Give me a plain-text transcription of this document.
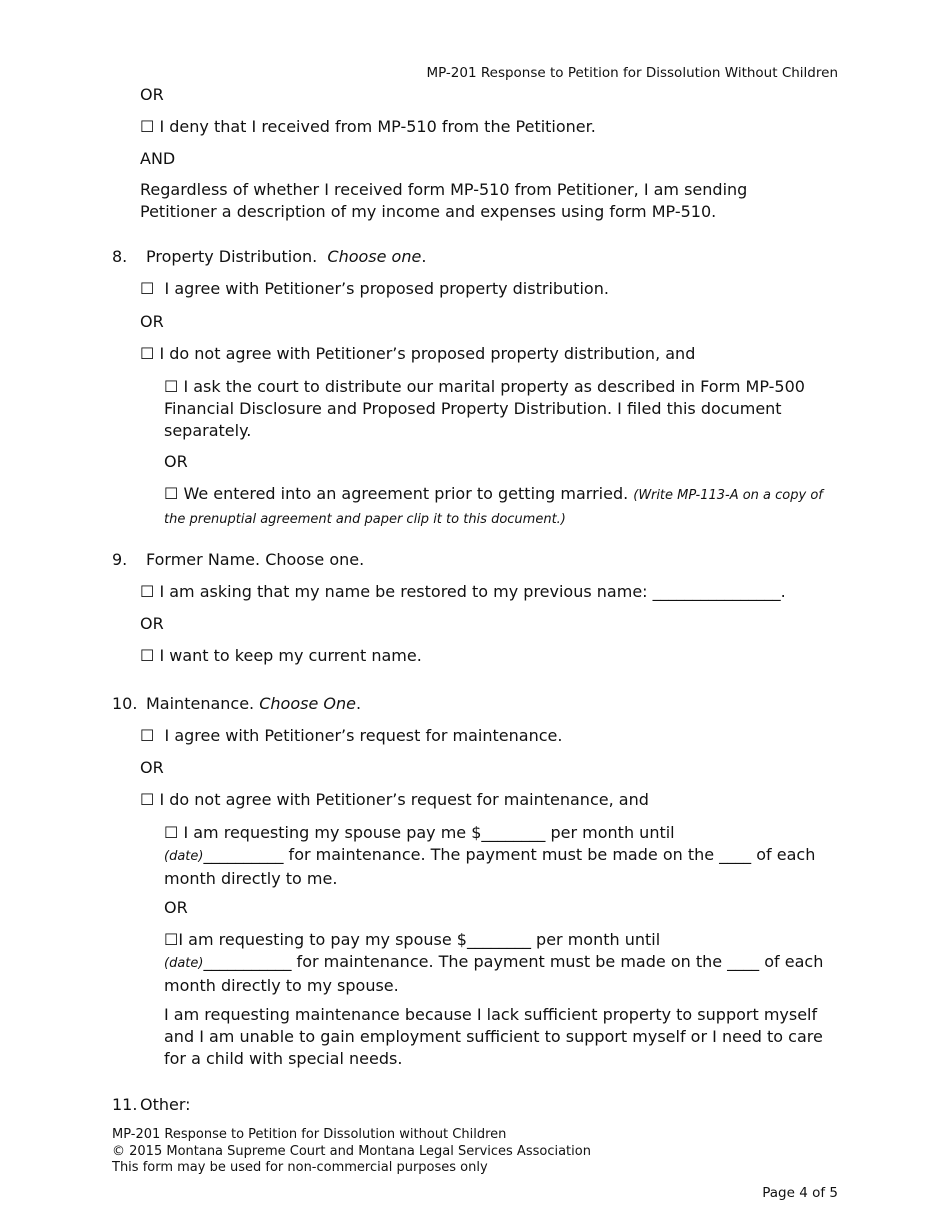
MP-201 Response to Petition for Dissolution Without Children
OR
☐ I deny that I received from MP-510 from the Petitioner.
AND
Regardless of whether I received form MP-510 from Petitioner, I am sending Petitioner a description of my income and expenses using form MP-510.
8. Property Distribution. Choose one.
☐ I agree with Petitioner’s proposed property distribution.
OR
☐ I do not agree with Petitioner’s proposed property distribution, and
☐ I ask the court to distribute our marital property as described in Form MP-500 Financial Disclosure and Proposed Property Distribution. I filed this document separately.
OR
☐ We entered into an agreement prior to getting married. (Write MP-113-A on a copy of the prenuptial agreement and paper clip it to this document.)
9. Former Name. Choose one.
☐ I am asking that my name be restored to my previous name: ________________.
OR
☐ I want to keep my current name.
10. Maintenance. Choose One.
☐ I agree with Petitioner’s request for maintenance.
OR
☐ I do not agree with Petitioner’s request for maintenance, and
☐ I am requesting my spouse pay me $________ per month until
(date)__________ for maintenance. The payment must be made on the ____ of each month directly to me.
OR
☐I am requesting to pay my spouse $________ per month until
(date)___________ for maintenance. The payment must be made on the ____ of each month directly to my spouse.
I am requesting maintenance because I lack sufficient property to support myself and I am unable to gain employment sufficient to support myself or I need to care for a child with special needs.
11. Other:
MP-201 Response to Petition for Dissolution without Children
© 2015 Montana Supreme Court and Montana Legal Services Association
This form may be used for non-commercial purposes only
Page 4 of 5
